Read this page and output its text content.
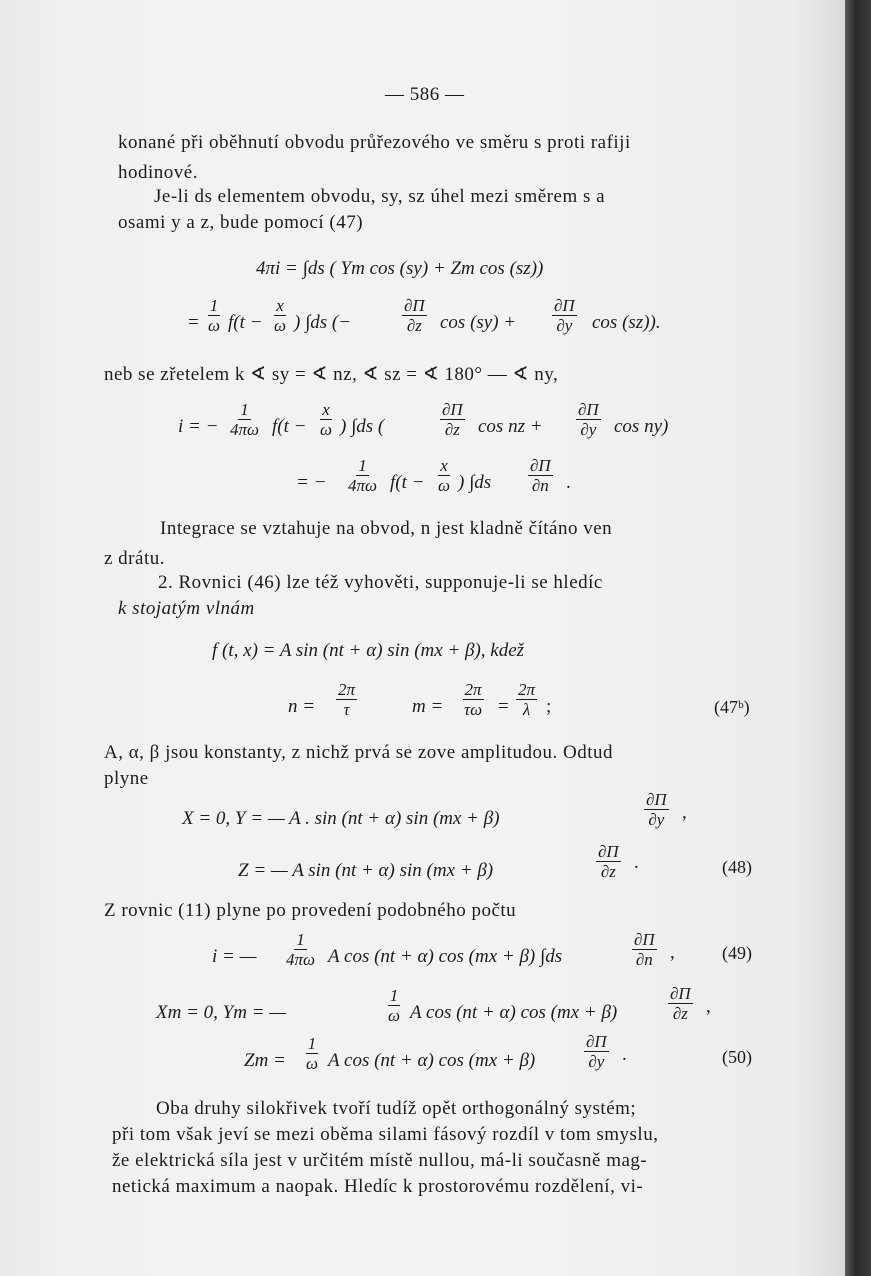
— 586 —
konané při oběhnutí obvodu průřezového ve směru s proti rafiji
hodinové.
Je-li ds elementem obvodu, sy, sz úhel mezi směrem s a
osami y a z, bude pomocí (47)
4πi = ∫ds ( Ym cos (sy) + Zm cos (sz))
= $\frac{1}{\omega} f(t - \frac{x}{\omega}$ ) ∫ds (−	$\frac{\partial\Pi}{\partial z}$ $\cos (sy) + \frac{\partial\Pi}{\partial y}$ cos (sz)).
neb se zřetelem k ∢ sy = ∢ nz, ∢ sz = ∢ 180° — ∢ ny,
i = − $\frac{1}{4\pi\omega} f(t - \frac{x}{\omega}$ ) ∫ds (	$\frac{\partial\Pi}{\partial z}$ cos nz + $\frac{\partial\Pi}{\partial y}$ cos ny)
= − $\frac{1}{4\pi\omega} f(t - \frac{x}{\omega}$ ) $\int ds \frac{\partial\Pi}{\partial n}$ .
Integrace se vztahuje na obvod, n jest kladně čítáno ven
z drátu.
2. Rovnici (46) lze též vyhověti, supponuje-li se hledíc
k stojatým vlnám
f (t, x) = A sin (nt + α) sin (mx + β), kdež
$n = \frac{2\pi}{\tau}$	$m = \frac{2\pi}{\tau\omega} = \frac{2\pi}{\lambda}$ ;	(47ᵇ)
A, α, β jsou konstanty, z nichž prvá se zove amplitudou. Odtud
plyne
X = 0, Y = — A . sin (nt + α) sin (mx + β)	$\frac{\partial\Pi}{\partial y}$ ,
Z = — A sin (nt + α) sin (mx + β)	$\frac{\partial\Pi}{\partial z}$ .	(48)
Z rovnic (11) plyne po provedení podobného počtu
i = — $\frac{1}{4\pi\omega}$ A cos (nt + α) cos (mx + β) ∫ds	$\frac{\partial\Pi}{\partial n}$ ,	(49)
Xm = 0, Ym = —	$\frac{1}{\omega}$ A cos (nt + α) cos (mx + β)	$\frac{\partial\Pi}{\partial z}$ ,
$Zm = \frac{1}{\omega}$ A cos (nt + α) cos (mx + β)	$\frac{\partial\Pi}{\partial y}$ .	(50)
Oba druhy silokřivek tvoří tudíž opět orthogonálný systém;
při tom však jeví se mezi oběma silami fásový rozdíl v tom smyslu,
že elektrická síla jest v určitém místě nullou, má-li současně mag-
netická maximum a naopak. Hledíc k prostorovému rozdělení, vi-
